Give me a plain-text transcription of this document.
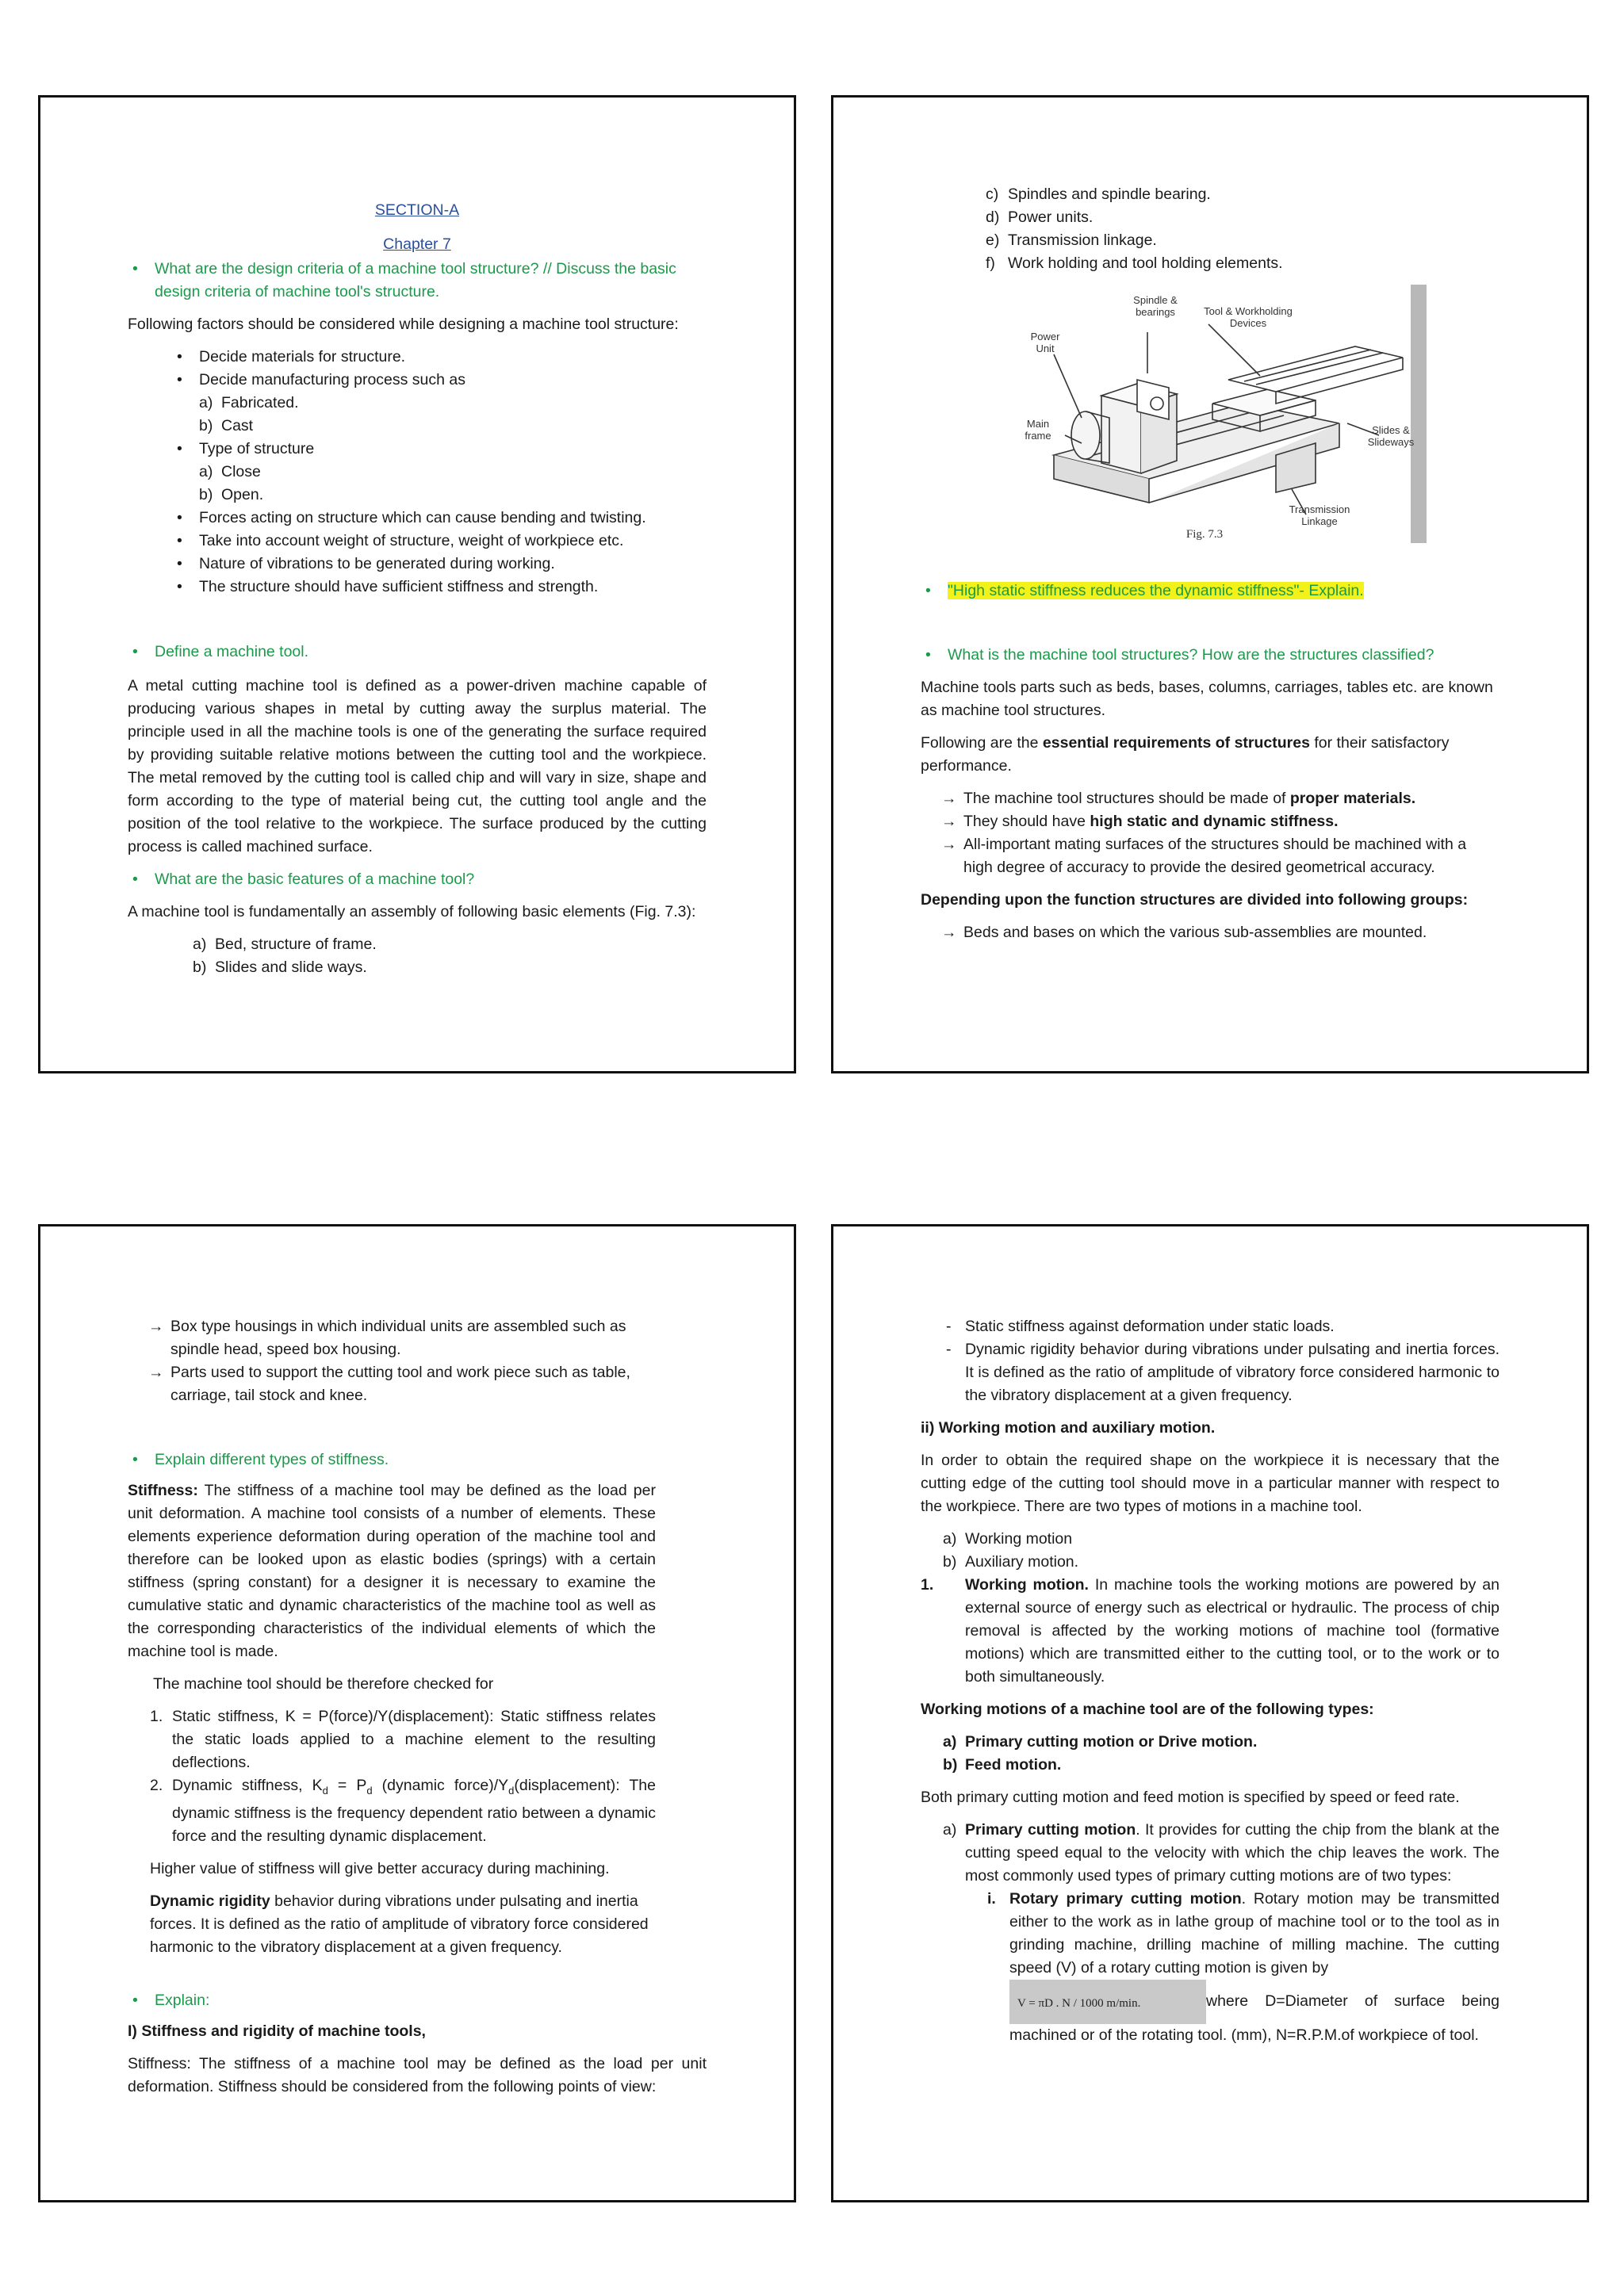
SECTION-A

Chapter 7

• What are the design criteria of a machine tool structure? // Discuss the basic design criteria of machine tool's structure.

Following factors should be considered while designing a machine tool structure:

• Decide materials for structure.
• Decide manufacturing process such as
a) Fabricated.
b) Cast
• Type of structure
a) Close
b) Open.
• Forces acting on structure which can cause bending and twisting.
• Take into account weight of structure, weight of workpiece etc.
• Nature of vibrations to be generated during working.
• The structure should have sufficient stiffness and strength.
• Define a machine tool.

A metal cutting machine tool is defined as a power-driven machine capable of producing various shapes in metal by cutting away the surplus material. The principle used in all the machine tools is one of the generating the surface required by providing suitable relative motions between the cutting tool and the workpiece. The metal removed by the cutting tool is called chip and will vary in size, shape and form according to the type of material being cut, the cutting tool angle and the position of the tool relative to the workpiece. The surface produced by the cutting process is called machined surface.

• What are the basic features of a machine tool?

A machine tool is fundamentally an assembly of following basic elements (Fig. 7.3):

a) Bed, structure of frame.
b) Slides and slide ways.
c) Spindles and spindle bearing.
d) Power units.
e) Transmission linkage.
f) Work holding and tool holding elements.
Spindle &
bearings	Tool & Workholding
Devices
Power
Unit
Main
frame	Slides &
Slideways
Transmission
Linkage
Fig. 7.3
• "High static stiffness reduces the dynamic stiffness"- Explain.
• What is the machine tool structures? How are the structures classified?

Machine tools parts such as beds, bases, columns, carriages, tables etc. are known as machine tool structures.

Following are the essential requirements of structures for their satisfactory performance.

→ The machine tool structures should be made of proper materials.
→ They should have high static and dynamic stiffness.
→ All-important mating surfaces of the structures should be machined with a high degree of accuracy to provide the desired geometrical accuracy.

Depending upon the function structures are divided into following groups:

→ Beds and bases on which the various sub-assemblies are mounted.
→ Box type housings in which individual units are assembled such as spindle head, speed box housing.
→ Parts used to support the cutting tool and work piece such as table, carriage, tail stock and knee.
• Explain different types of stiffness.

Stiffness: The stiffness of a machine tool may be defined as the load per unit deformation. A machine tool consists of a number of elements. These elements experience deformation during operation of the machine tool and therefore can be looked upon as elastic bodies (springs) with a certain stiffness (spring constant) for a designer it is necessary to examine the cumulative static and dynamic characteristics of the machine tool as well as the corresponding characteristics of the individual elements of which the machine tool is made.

The machine tool should be therefore checked for

1. Static stiffness, K = P(force)/Y(displacement): Static stiffness relates the static loads applied to a machine element to the resulting deflections.
2. Dynamic stiffness, $K_d = P_d$ (dynamic $force)/Y_d(displacement)$: The dynamic stiffness is the frequency dependent ratio between a dynamic force and the resulting dynamic displacement.

Higher value of stiffness will give better accuracy during machining.

Dynamic rigidity behavior during vibrations under pulsating and inertia forces. It is defined as the ratio of amplitude of vibratory force considered harmonic to the vibratory displacement at a given frequency.

• Explain:

I) Stiffness and rigidity of machine tools,

Stiffness: The stiffness of a machine tool may be defined as the load per unit deformation. Stiffness should be considered from the following points of view:

- Static stiffness against deformation under static loads.
- Dynamic rigidity behavior during vibrations under pulsating and inertia forces. It is defined as the ratio of amplitude of vibratory force considered harmonic to the vibratory displacement at a given frequency.

ii) Working motion and auxiliary motion.

In order to obtain the required shape on the workpiece it is necessary that the cutting edge of the cutting tool should move in a particular manner with respect to the workpiece. There are two types of motions in a machine tool.

a) Working motion
b) Auxiliary motion.
1. Working motion. In machine tools the working motions are powered by an external source of energy such as electrical or hydraulic. The process of chip removal is affected by the working motions of machine tool (formative motions) which are transmitted either to the cutting tool, or to the work or to both simultaneously.

Working motions of a machine tool are of the following types:

a) Primary cutting motion or Drive motion.
b) Feed motion.

Both primary cutting motion and feed motion is specified by speed or feed rate.

a) Primary cutting motion. It provides for cutting the chip from the blank at the cutting speed equal to the velocity with which the chip leaves the work. The most commonly used types of primary cutting motions are of two types:
i. Rotary primary cutting motion. Rotary motion may be transmitted either to the work as in lathe group of machine tool or to the tool as in grinding machine, drilling machine of milling machine. The cutting speed (V) of a rotary cutting motion is given by

V = πD . N / 1000 m/min.	where D=Diameter of surface being machined or of the rotating tool. (mm), N=R.P.M.of workpiece of tool.
